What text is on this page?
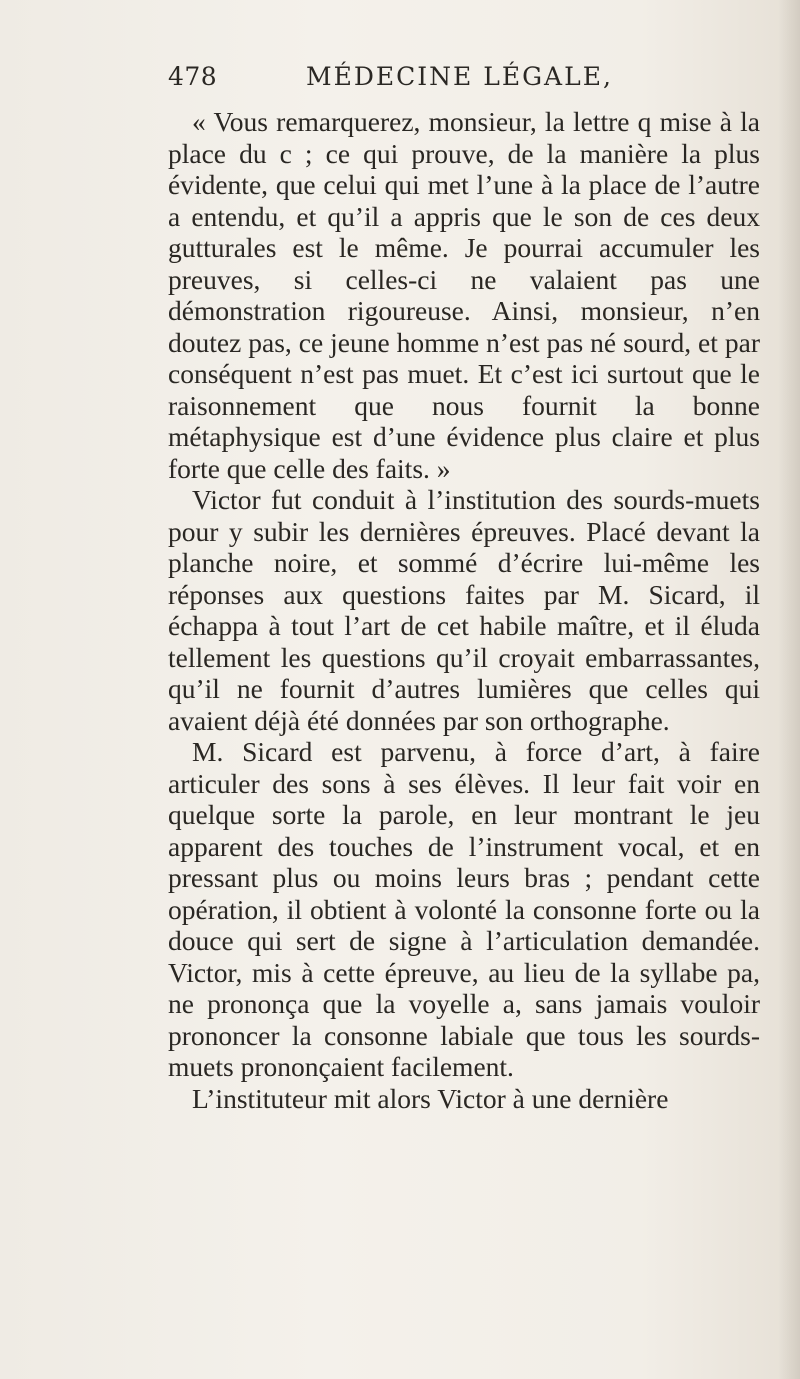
478	MÉDECINE LÉGALE,

« Vous remarquerez, monsieur, la lettre q mise à la place du c ; ce qui prouve, de la manière la plus évidente, que celui qui met l’une à la place de l’autre a entendu, et qu’il a appris que le son de ces deux gutturales est le même. Je pourrai accumuler les preuves, si celles-ci ne valaient pas une démonstration rigoureuse. Ainsi, monsieur, n’en doutez pas, ce jeune homme n’est pas né sourd, et par conséquent n’est pas muet. Et c’est ici surtout que le raisonnement que nous fournit la bonne métaphysique est d’une évidence plus claire et plus forte que celle des faits. »

Victor fut conduit à l’institution des sourds-muets pour y subir les dernières épreuves. Placé devant la planche noire, et sommé d’écrire lui-même les réponses aux questions faites par M. Sicard, il échappa à tout l’art de cet habile maître, et il éluda tellement les questions qu’il croyait embarrassantes, qu’il ne fournit d’autres lumières que celles qui avaient déjà été données par son orthographe.

M. Sicard est parvenu, à force d’art, à faire articuler des sons à ses élèves. Il leur fait voir en quelque sorte la parole, en leur montrant le jeu apparent des touches de l’instrument vocal, et en pressant plus ou moins leurs bras ; pendant cette opération, il obtient à volonté la consonne forte ou la douce qui sert de signe à l’articulation demandée. Victor, mis à cette épreuve, au lieu de la syllabe pa, ne prononça que la voyelle a, sans jamais vouloir prononcer la consonne labiale que tous les sourds-muets prononçaient facilement.

L’instituteur mit alors Victor à une dernière
